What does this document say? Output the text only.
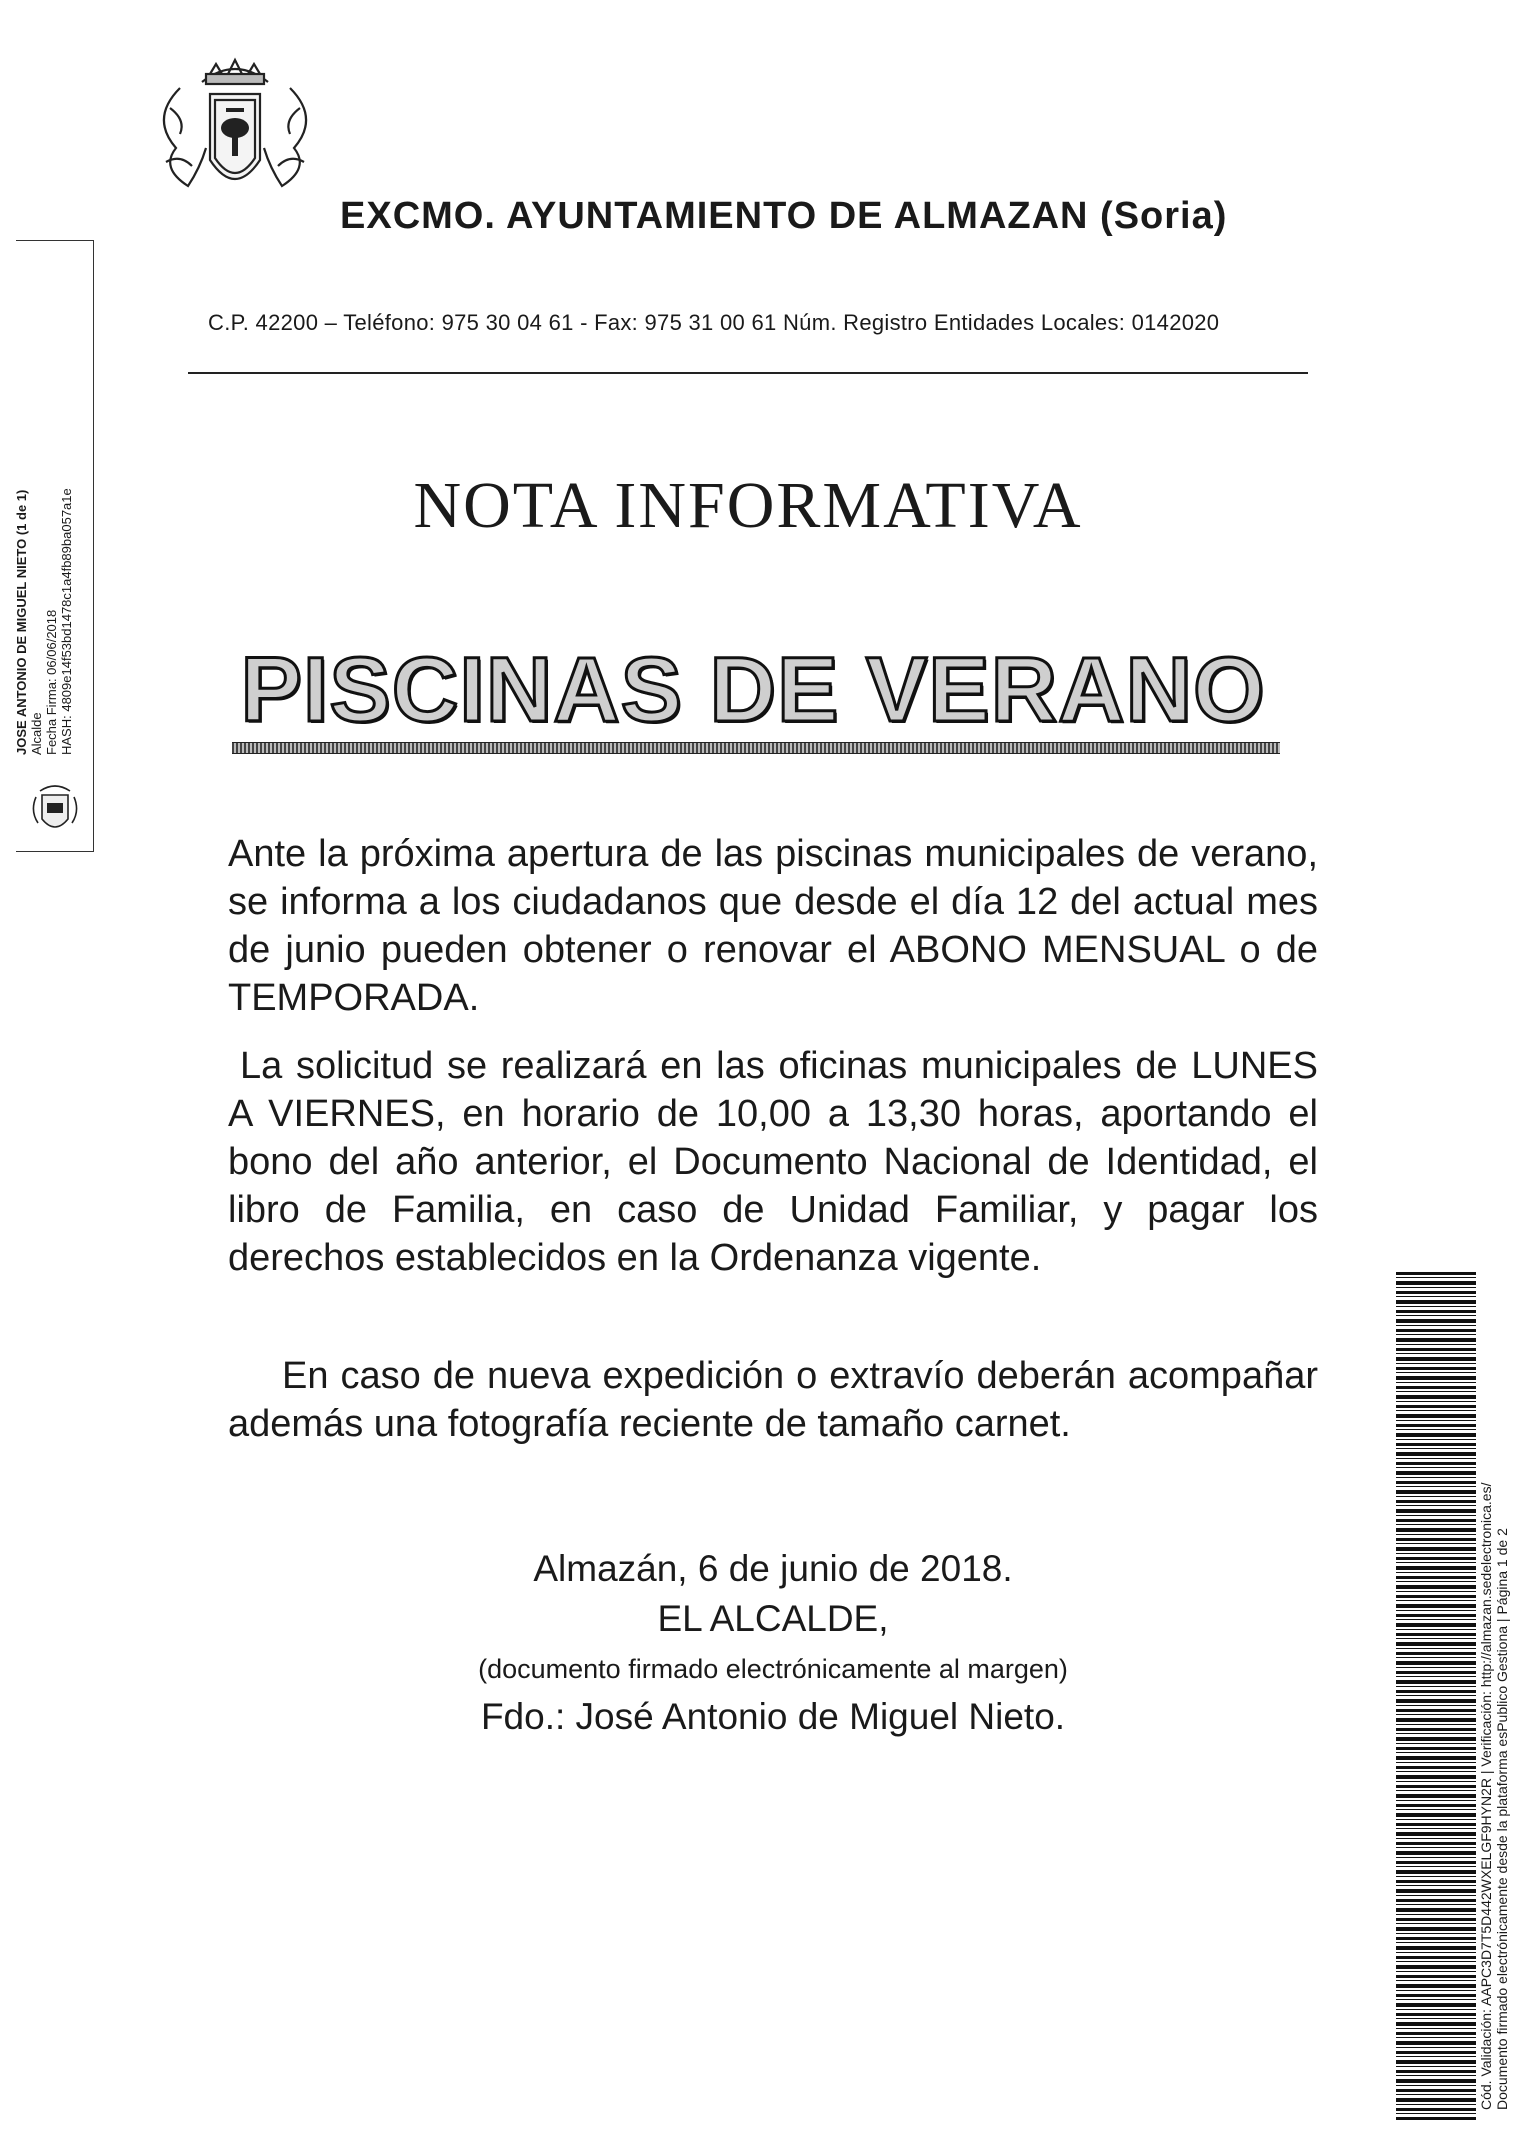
EXCMO. AYUNTAMIENTO DE ALMAZAN (Soria)
C.P. 42200 – Teléfono: 975 30 04 61 - Fax: 975 31 00 61 Núm. Registro Entidades Locales: 0142020
NOTA INFORMATIVA
PISCINAS DE VERANO
Ante la próxima apertura de las piscinas municipales de verano, se informa a los ciudadanos que desde el día 12 del actual mes de junio pueden obtener o renovar el ABONO MENSUAL o de TEMPORADA.
La solicitud se realizará en las oficinas municipales de LUNES A VIERNES, en horario de 10,00 a 13,30 horas, aportando el bono del año anterior, el Documento Nacional de Identidad, el libro de Familia, en caso de Unidad Familiar, y pagar los derechos establecidos en la Ordenanza vigente.
En caso de nueva expedición o extravío deberán acompañar además una fotografía reciente de tamaño carnet.
Almazán, 6 de junio de 2018.
EL ALCALDE,
(documento firmado electrónicamente al margen)
Fdo.: José Antonio de Miguel Nieto.
JOSE ANTONIO DE MIGUEL NIETO (1 de 1) Alcalde Fecha Firma: 06/06/2018 HASH: 4809e14f53bd1478c1a4fb89ba057a1e
Cód. Validación: AAPC3D7T5D442WXELGF9HYN2R | Verificación: http://almazan.sedelectronica.es/ Documento firmado electrónicamente desde la plataforma esPublico Gestiona | Página 1 de 2
